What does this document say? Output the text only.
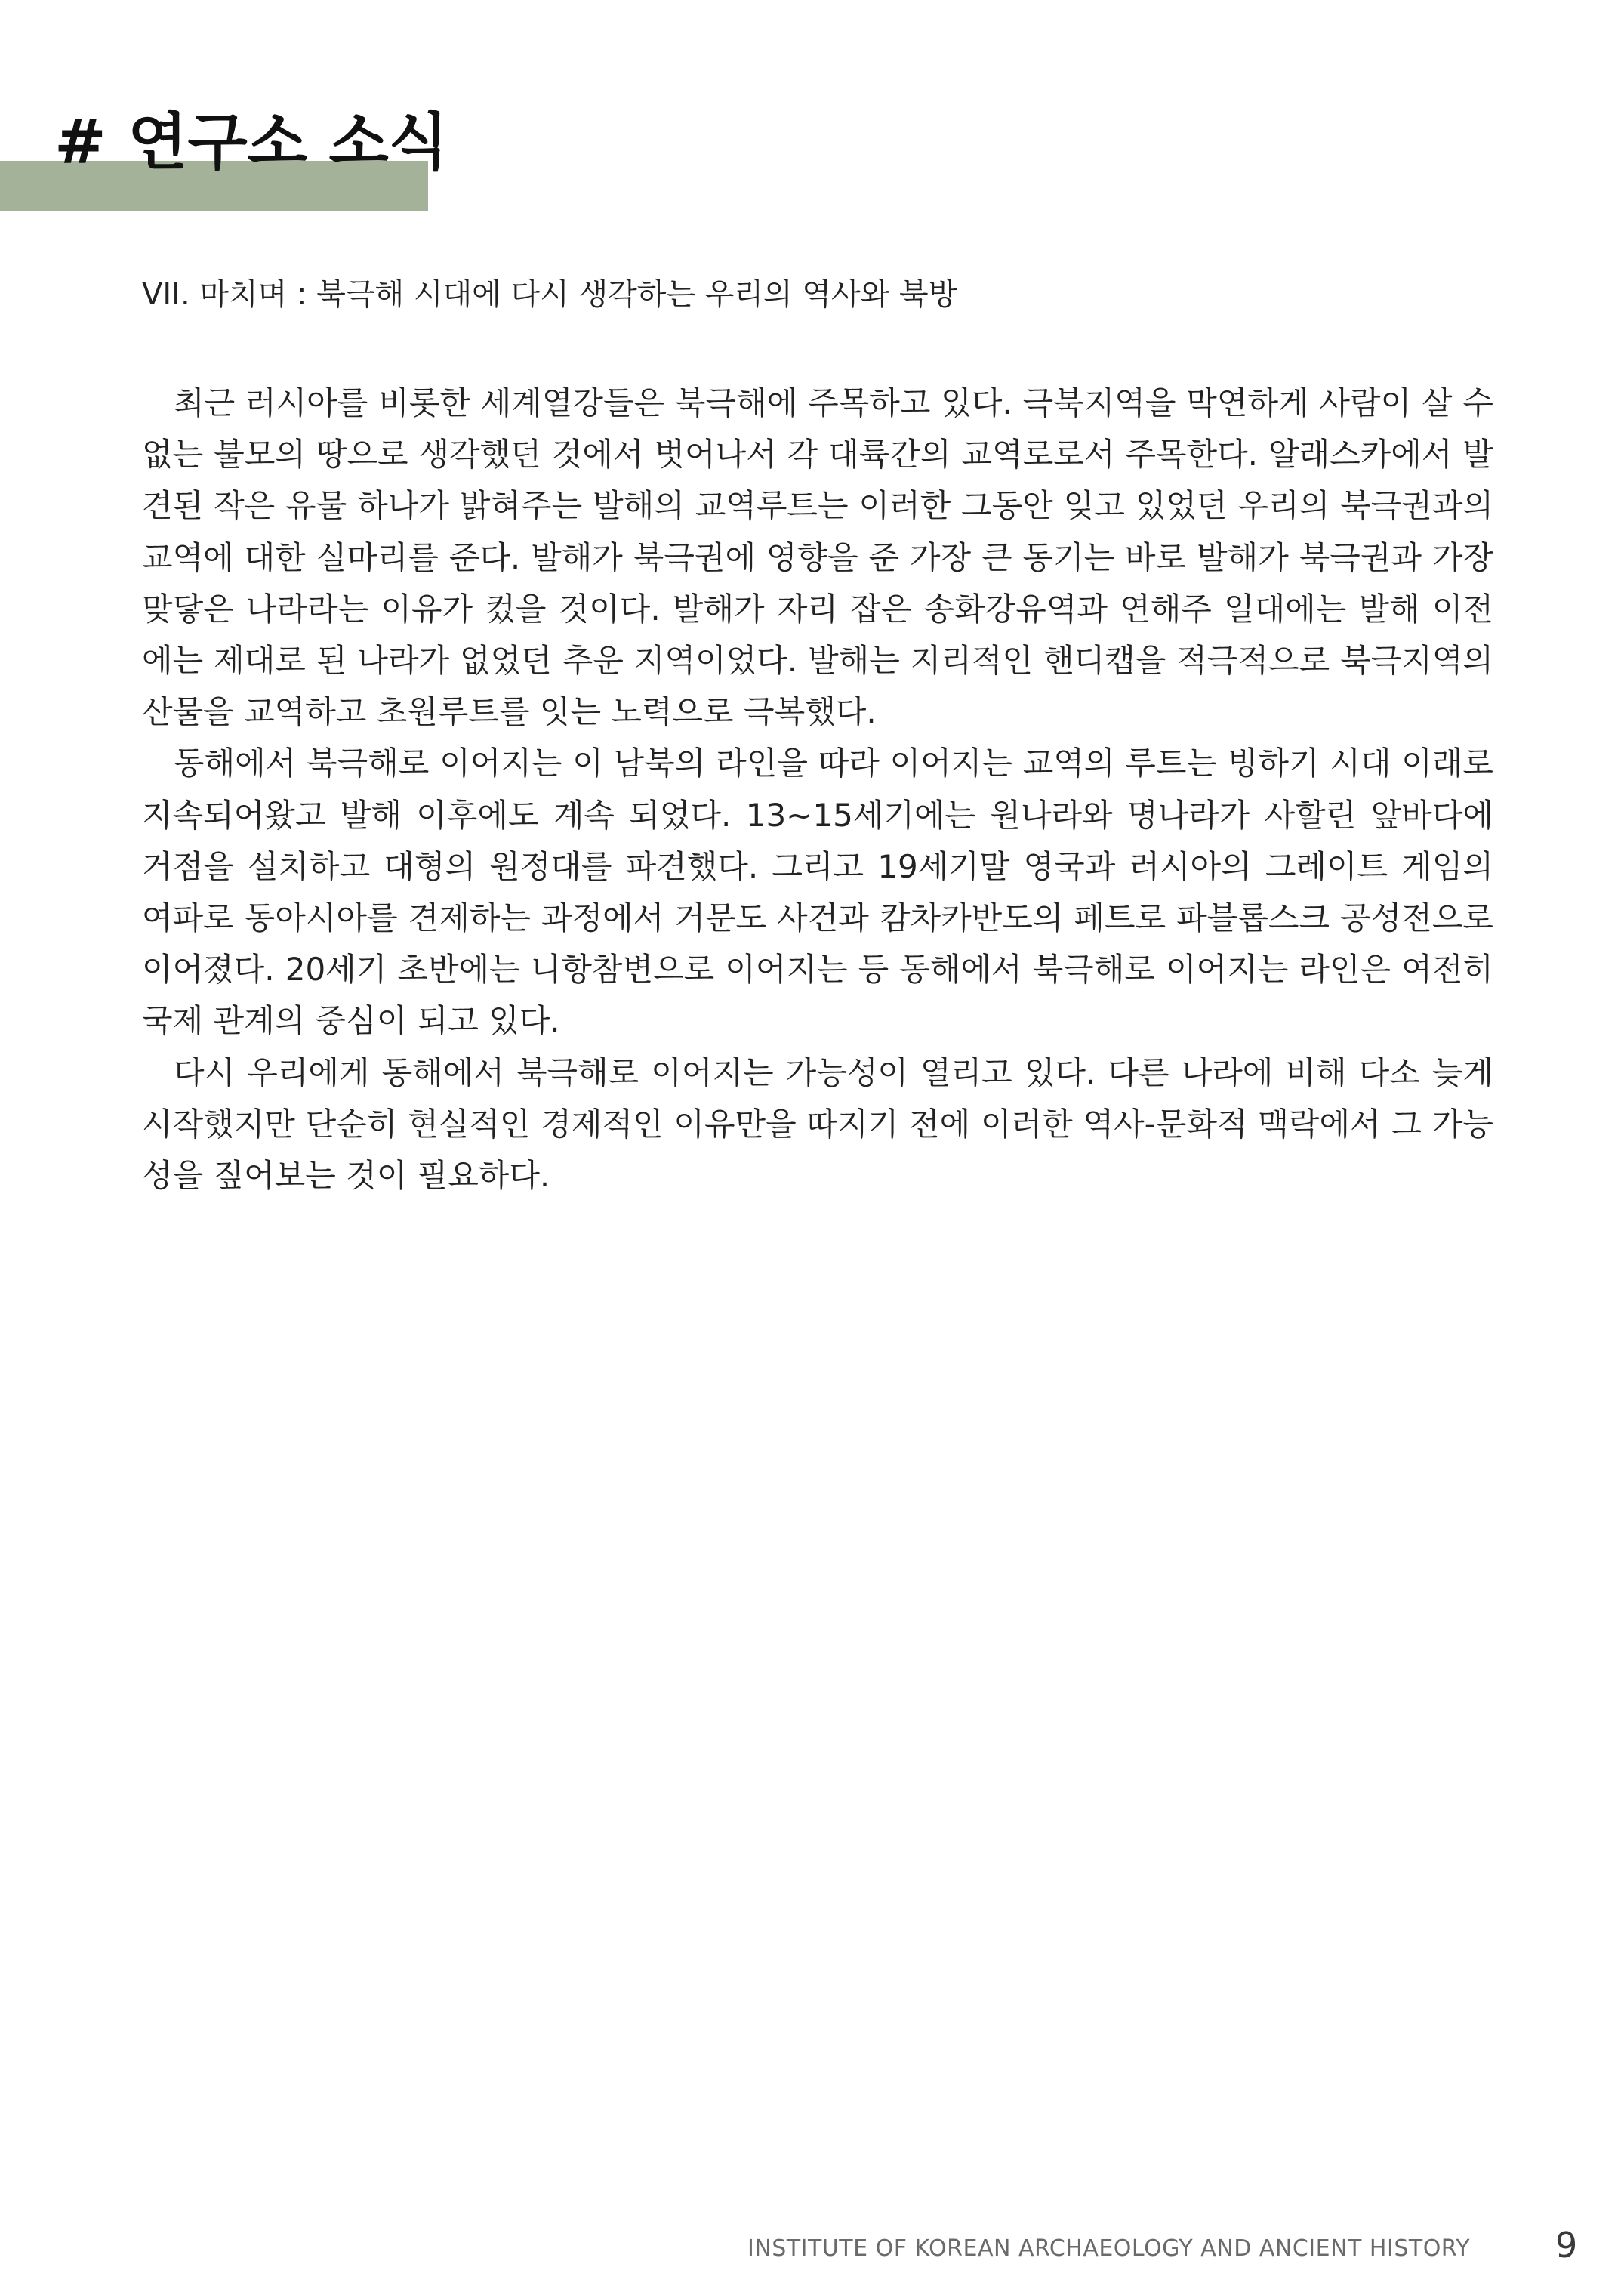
# 연구소 소식
VII. 마치며 : 북극해 시대에 다시 생각하는 우리의 역사와 북방

최근 러시아를 비롯한 세계열강들은 북극해에 주목하고 있다. 극북지역을 막연하게 사람이 살 수 없는 불모의 땅으로 생각했던 것에서 벗어나서 각 대륙간의 교역로로서 주목한다. 알래스카에서 발견된 작은 유물 하나가 밝혀주는 발해의 교역루트는 이러한 그동안 잊고 있었던 우리의 북극권과의 교역에 대한 실마리를 준다. 발해가 북극권에 영향을 준 가장 큰 동기는 바로 발해가 북극권과 가장 맞닿은 나라라는 이유가 컸을 것이다. 발해가 자리 잡은 송화강유역과 연해주 일대에는 발해 이전에는 제대로 된 나라가 없었던 추운 지역이었다. 발해는 지리적인 핸디캡을 적극적으로 북극지역의 산물을 교역하고 초원루트를 잇는 노력으로 극복했다.

동해에서 북극해로 이어지는 이 남북의 라인을 따라 이어지는 교역의 루트는 빙하기 시대 이래로 지속되어왔고 발해 이후에도 계속 되었다. 13~15세기에는 원나라와 명나라가 사할린 앞바다에 거점을 설치하고 대형의 원정대를 파견했다. 그리고 19세기말 영국과 러시아의 그레이트 게임의 여파로 동아시아를 견제하는 과정에서 거문도 사건과 캄차카반도의 페트로 파블롭스크 공성전으로 이어졌다. 20세기 초반에는 니항참변으로 이어지는 등 동해에서 북극해로 이어지는 라인은 여전히 국제 관계의 중심이 되고 있다.

다시 우리에게 동해에서 북극해로 이어지는 가능성이 열리고 있다. 다른 나라에 비해 다소 늦게 시작했지만 단순히 현실적인 경제적인 이유만을 따지기 전에 이러한 역사-문화적 맥락에서 그 가능성을 짚어보는 것이 필요하다.

INSTITUTE OF KOREAN ARCHAEOLOGY AND ANCIENT HISTORY 9
